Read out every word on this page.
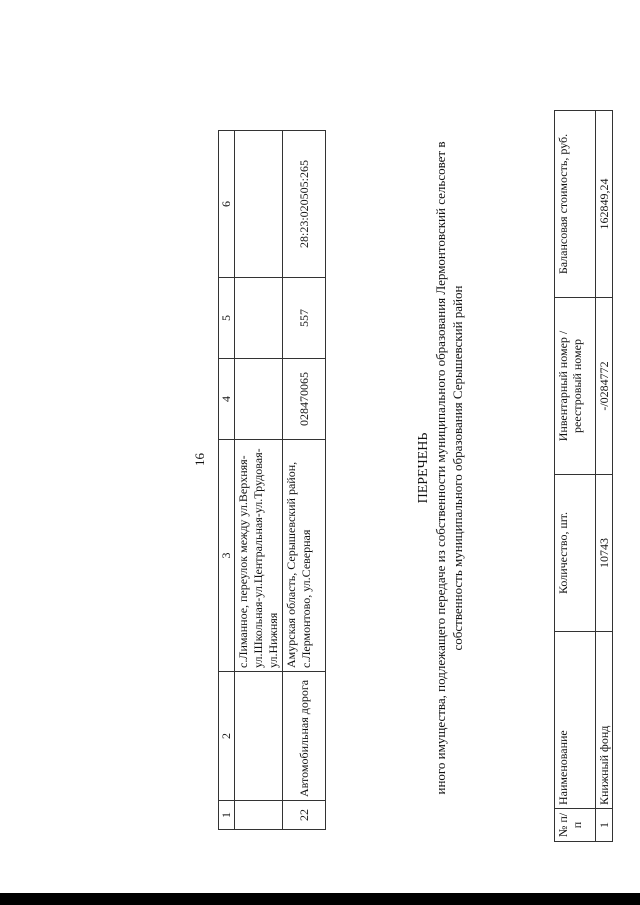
16
1	2	3	4	5	6
		с.Лиманное, переулок между ул.Верхняя-ул.Школьная-ул.Центральная-ул.Трудовая-ул.Нижняя			
22	Автомобильная дорога	Амурская область, Серышевский район, с.Лермонтово, ул.Северная	028470065	557	28:23:020505:265
ПЕРЕЧЕНЬ иного имущества, подлежащего передаче из собственности муниципального образования Лермонтовский сельсовет в собственность муниципального образования Серышевский район
№ п/п	Наименование	Количество, шт.	Инвентарный номер / реестровый номер	Балансовая стоимость, руб.
1	Книжный фонд	10743	-/0284772	162849,24
